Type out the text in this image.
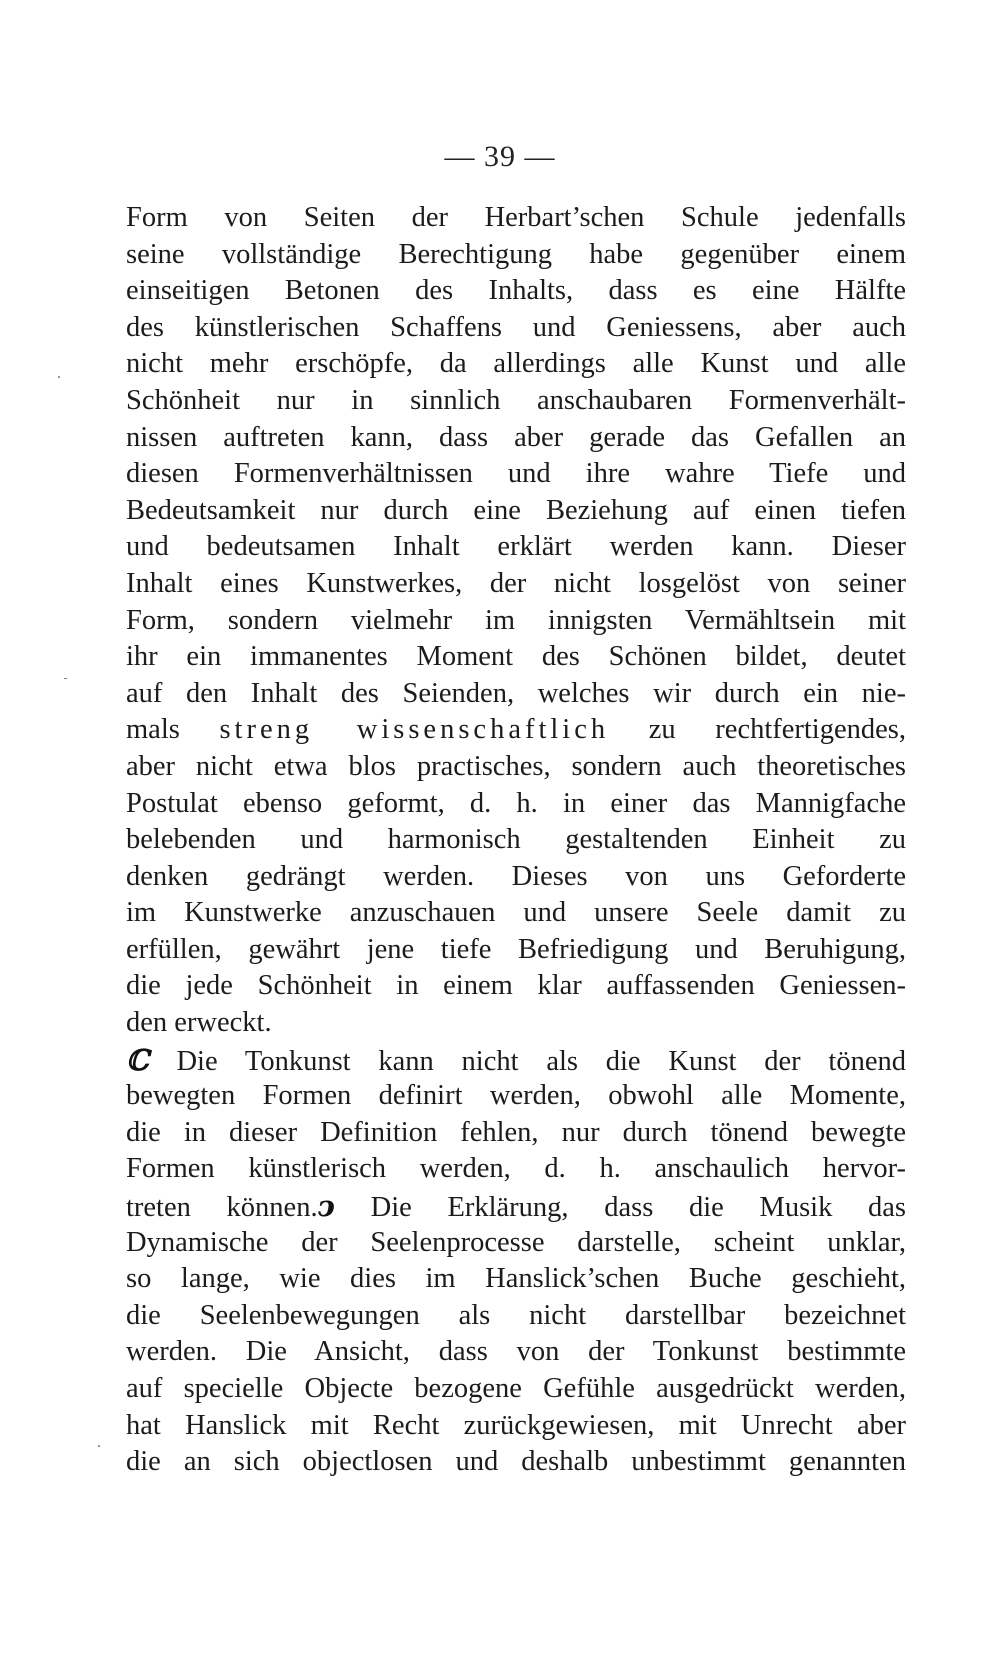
— 39 —
Form von Seiten der Herbart’schen Schule jedenfalls
seine vollständige Berechtigung habe gegenüber einem
einseitigen Betonen des Inhalts, dass es eine Hälfte
des künstlerischen Schaffens und Geniessens, aber auch
nicht mehr erschöpfe, da allerdings alle Kunst und alle
Schönheit nur in sinnlich anschaubaren Formenverhält-
nissen auftreten kann, dass aber gerade das Gefallen an
diesen Formenverhältnissen und ihre wahre Tiefe und
Bedeutsamkeit nur durch eine Beziehung auf einen tiefen
und bedeutsamen Inhalt erklärt werden kann. Dieser
Inhalt eines Kunstwerkes, der nicht losgelöst von seiner
Form, sondern vielmehr im innigsten Vermähltsein mit
ihr ein immanentes Moment des Schönen bildet, deutet
auf den Inhalt des Seienden, welches wir durch ein nie-
mals streng wissenschaftlich zu rechtfertigendes,
aber nicht etwa blos practisches, sondern auch theoretisches
Postulat ebenso geformt, d. h. in einer das Mannigfache
belebenden und harmonisch gestaltenden Einheit zu
denken gedrängt werden. Dieses von uns Geforderte
im Kunstwerke anzuschauen und unsere Seele damit zu
erfüllen, gewährt jene tiefe Befriedigung und Beruhigung,
die jede Schönheit in einem klar auffassenden Geniessen-
den erweckt.
ℂ Die Tonkunst kann nicht als die Kunst der tönend
bewegten Formen definirt werden, obwohl alle Momente,
die in dieser Definition fehlen, nur durch tönend bewegte
Formen künstlerisch werden, d. h. anschaulich hervor-
treten können.ↄ Die Erklärung, dass die Musik das
Dynamische der Seelenprocesse darstelle, scheint unklar,
so lange, wie dies im Hanslick’schen Buche geschieht,
die Seelenbewegungen als nicht darstellbar bezeichnet
werden. Die Ansicht, dass von der Tonkunst bestimmte
auf specielle Objecte bezogene Gefühle ausgedrückt werden,
hat Hanslick mit Recht zurückgewiesen, mit Unrecht aber
die an sich objectlosen und deshalb unbestimmt genannten
